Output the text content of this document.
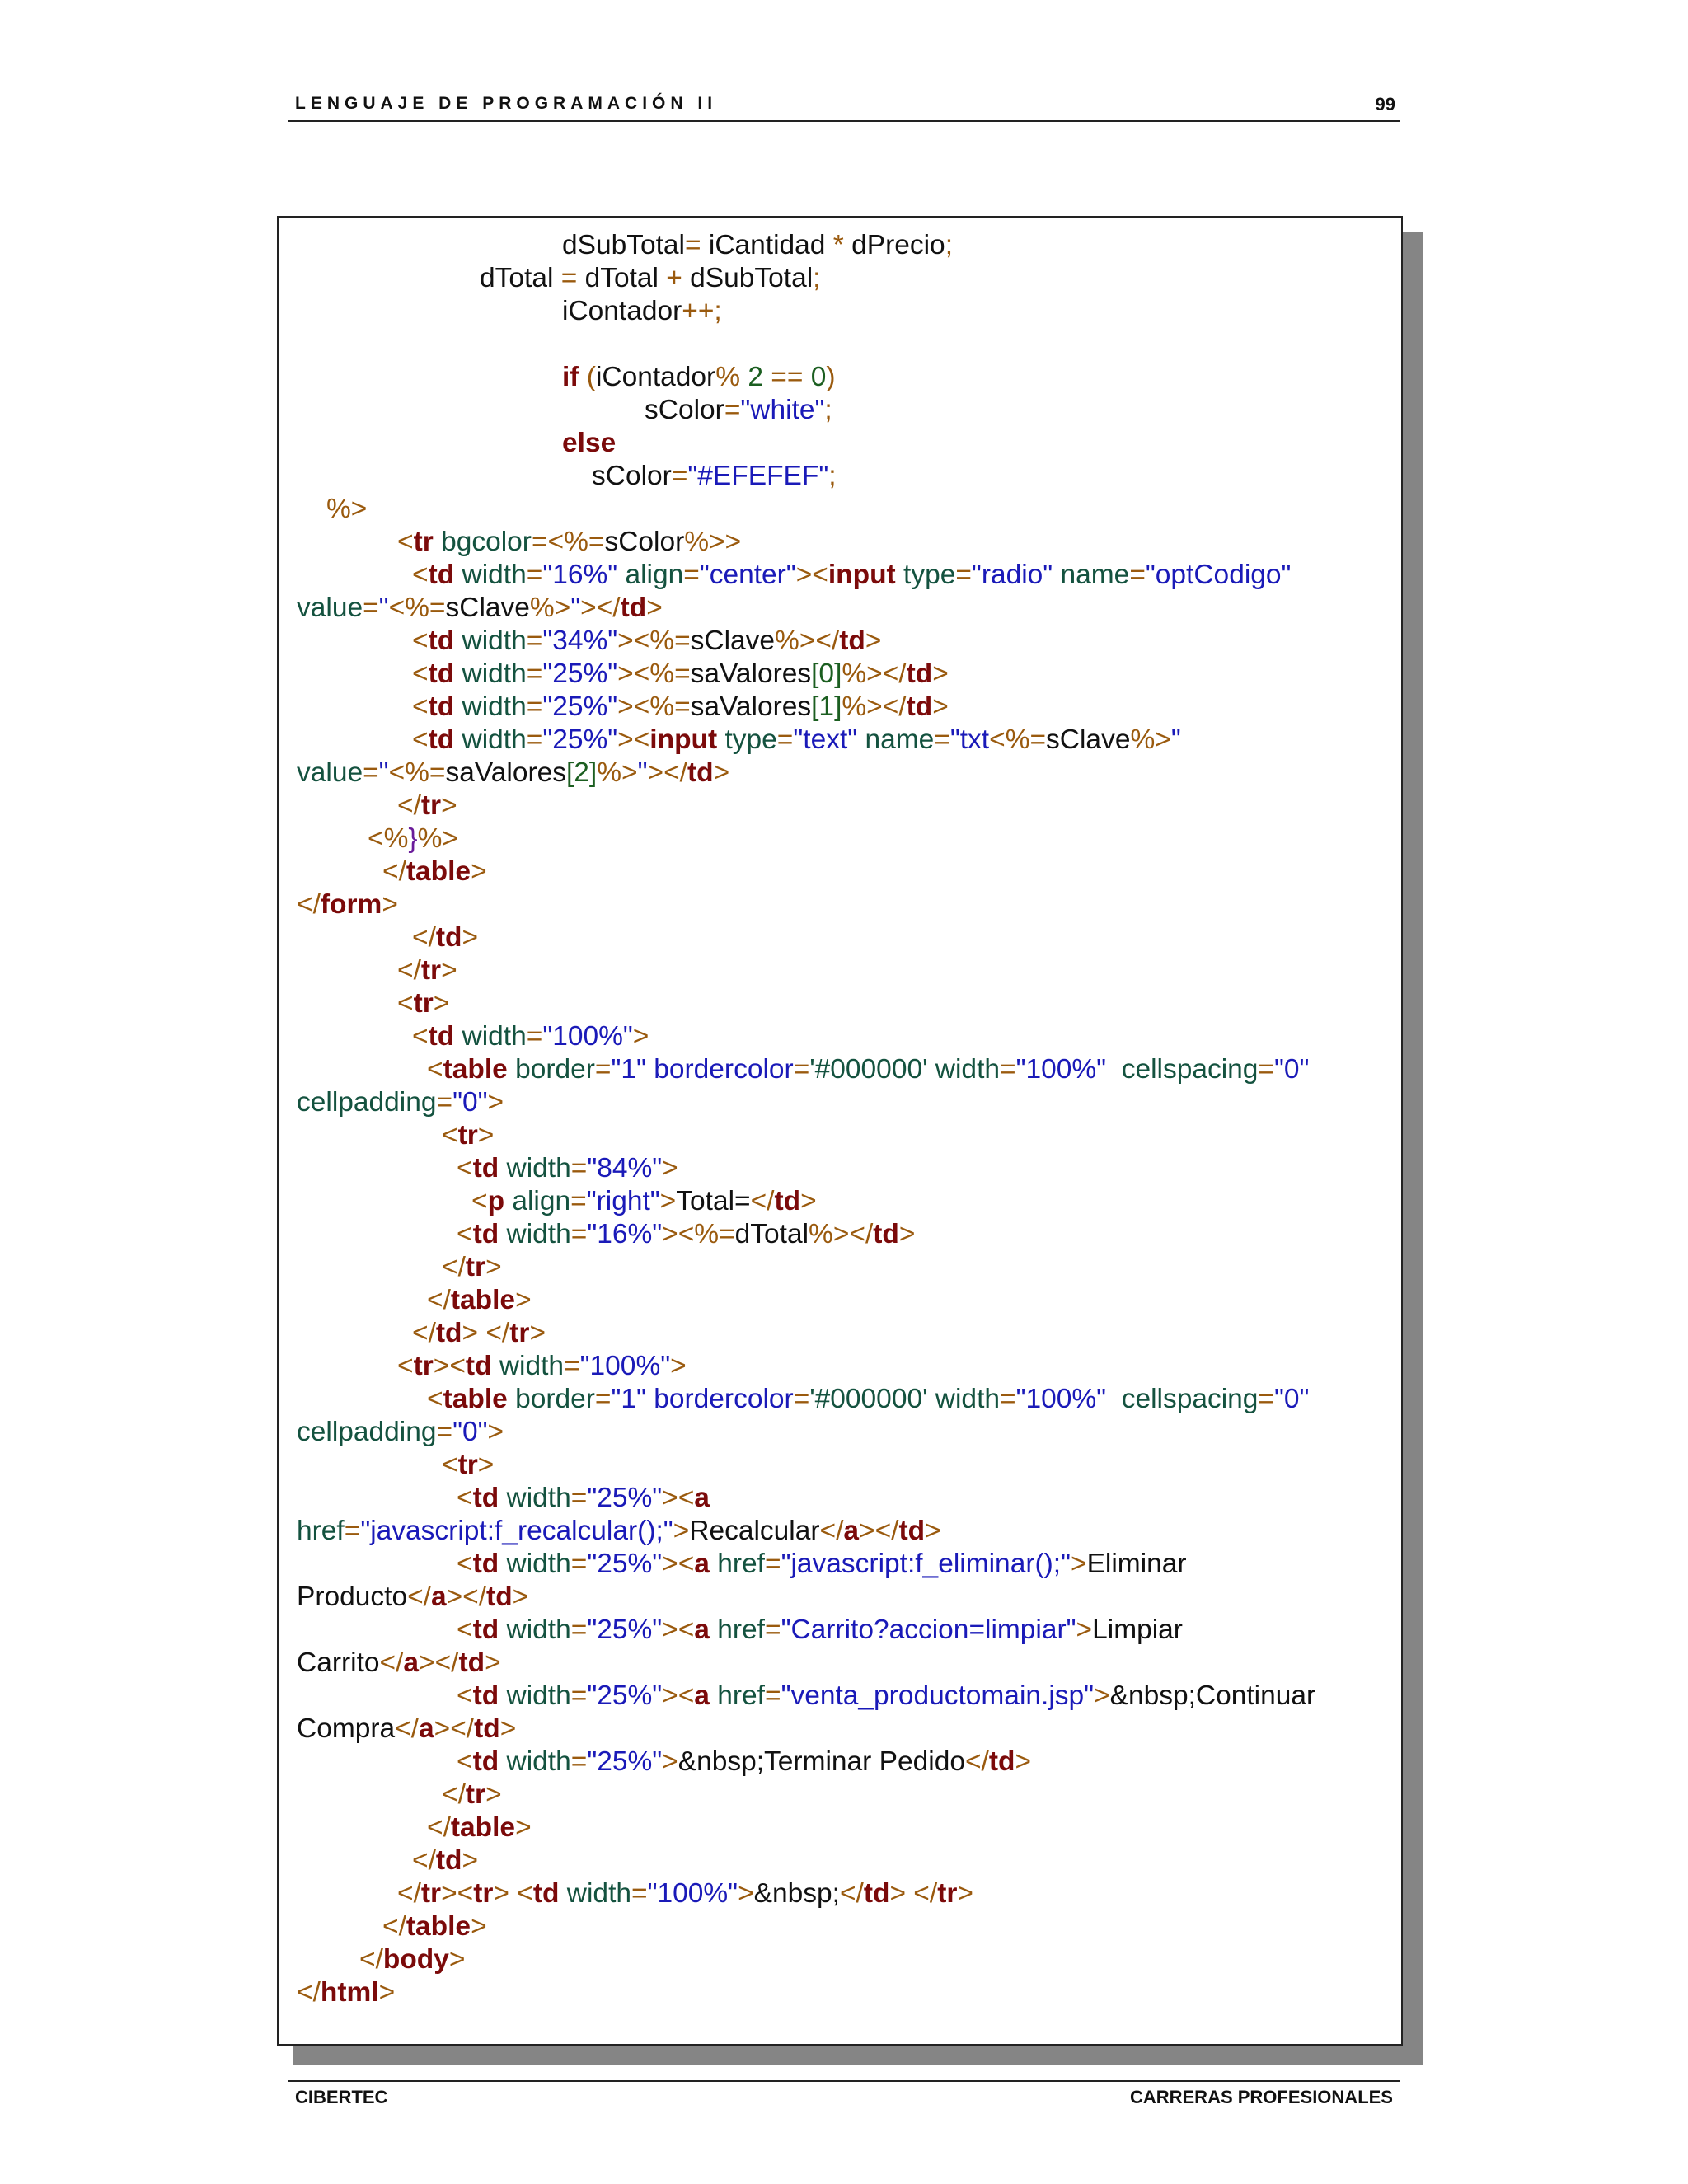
LENGUAJE DE PROGRAMACIÓN II	99
dSubTotal= iCantidad * dPrecio;
dTotal = dTotal + dSubTotal;
iContador++;
if (iContador% 2 == 0)
sColor="white";
else
sColor="#EFEFEF";
%>
<tr bgcolor=<%=sColor%>>
<td width="16%" align="center"><input type="radio" name="optCodigo"
value="<%=sClave%>"></td>
<td width="34%"><%=sClave%></td>
<td width="25%"><%=saValores[0]%></td>
<td width="25%"><%=saValores[1]%></td>
<td width="25%"><input type="text" name="txt<%=sClave%>"
value="<%=saValores[2]%>"></td>
</tr>
<%}%>
</table>
</form>
</td>
</tr>
<tr>
<td width="100%">
<table border="1" bordercolor='#000000' width="100%"  cellspacing="0"
cellpadding="0">
<tr>
<td width="84%">
<p align="right">Total=</td>
<td width="16%"><%=dTotal%></td>
</tr>
</table>
</td> </tr>
<tr><td width="100%">
<table border="1" bordercolor='#000000' width="100%"  cellspacing="0"
cellpadding="0">
<tr>
<td width="25%"><a
href="javascript:f_recalcular();">Recalcular</a></td>
<td width="25%"><a href="javascript:f_eliminar();">Eliminar
Producto</a></td>
<td width="25%"><a href="Carrito?accion=limpiar">Limpiar
Carrito</a></td>
<td width="25%"><a href="venta_productomain.jsp">&nbsp;Continuar
Compra</a></td>
<td width="25%">&nbsp;Terminar Pedido</td>
</tr>
</table>
</td>
</tr><tr> <td width="100%">&nbsp;</td> </tr>
</table>
</body>
</html>
CIBERTEC	CARRERAS PROFESIONALES
